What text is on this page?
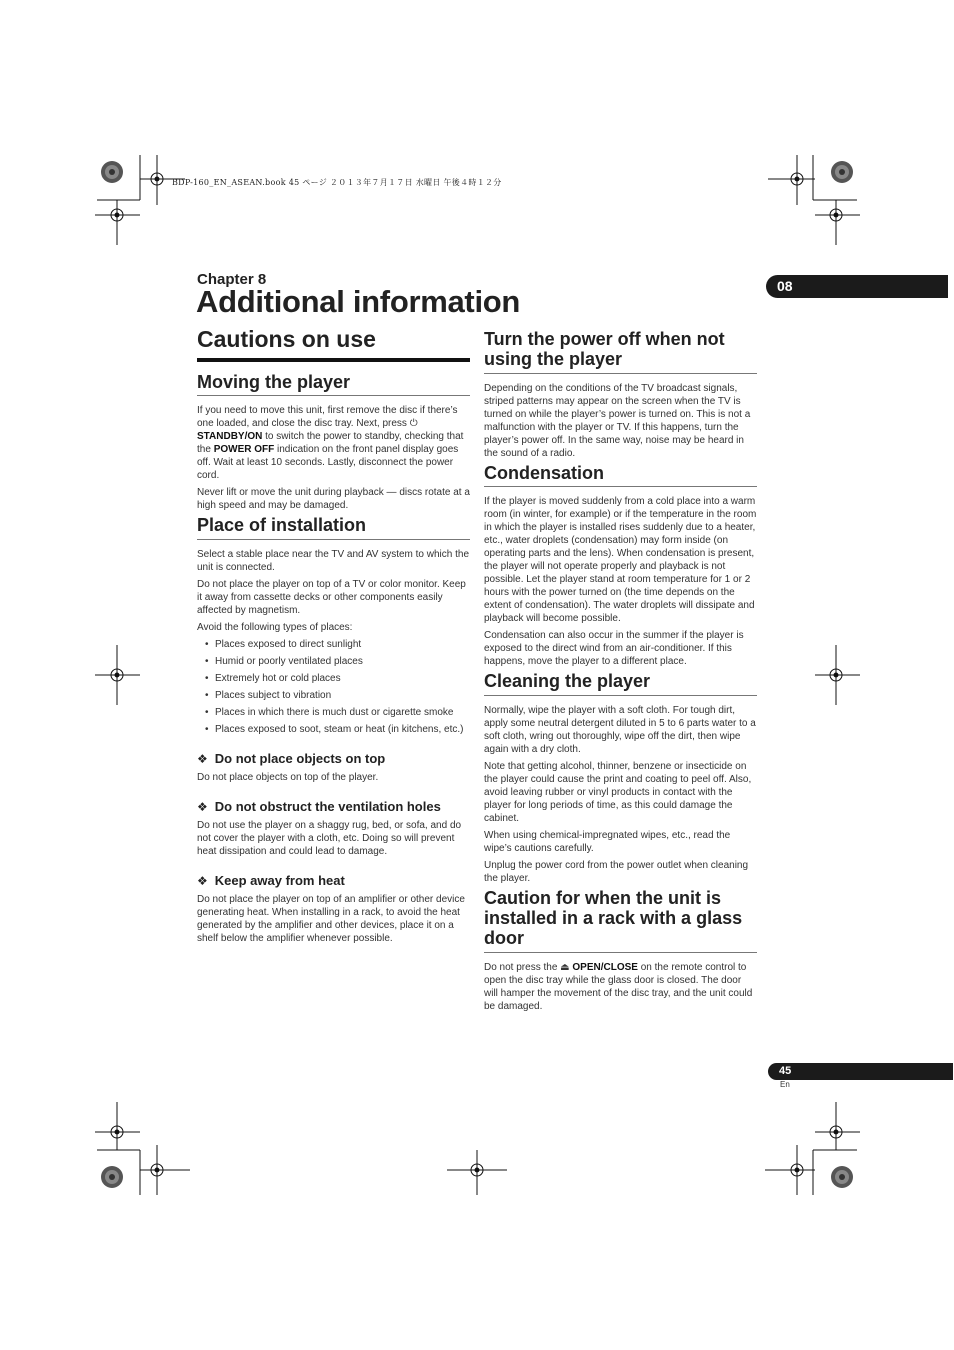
BDP-160_EN_ASEAN.book 45 ページ ２０１３年７月１７日 水曜日 午後４時１２分
Chapter 8
Additional information	08
Cautions on use
Moving the player

If you need to move this unit, first remove the disc if there’s one loaded, and close the disc tray. Next, press ⏻ STANDBY/ON to switch the power to standby, checking that the POWER OFF indication on the front panel display goes off. Wait at least 10 seconds. Lastly, disconnect the power cord.

Never lift or move the unit during playback — discs rotate at a high speed and may be damaged.

Place of installation

Select a stable place near the TV and AV system to which the unit is connected.

Do not place the player on top of a TV or color monitor. Keep it away from cassette decks or other components easily affected by magnetism.

Avoid the following types of places:

• Places exposed to direct sunlight
• Humid or poorly ventilated places
• Extremely hot or cold places
• Places subject to vibration
• Places in which there is much dust or cigarette smoke
• Places exposed to soot, steam or heat (in kitchens, etc.)
❖ Do not place objects on top

Do not place objects on top of the player.

❖ Do not obstruct the ventilation holes

Do not use the player on a shaggy rug, bed, or sofa, and do not cover the player with a cloth, etc. Doing so will prevent heat dissipation and could lead to damage.

❖ Keep away from heat

Do not place the player on top of an amplifier or other device generating heat. When installing in a rack, to avoid the heat generated by the amplifier and other devices, place it on a shelf below the amplifier whenever possible.

Turn the power off when not using the player

Depending on the conditions of the TV broadcast signals, striped patterns may appear on the screen when the TV is turned on while the player’s power is turned on. This is not a malfunction with the player or TV. If this happens, turn the player’s power off. In the same way, noise may be heard in the sound of a radio.

Condensation

If the player is moved suddenly from a cold place into a warm room (in winter, for example) or if the temperature in the room in which the player is installed rises suddenly due to a heater, etc., water droplets (condensation) may form inside (on operating parts and the lens). When condensation is present, the player will not operate properly and playback is not possible. Let the player stand at room temperature for 1 or 2 hours with the power turned on (the time depends on the extent of condensation). The water droplets will dissipate and playback will become possible.

Condensation can also occur in the summer if the player is exposed to the direct wind from an air-conditioner. If this happens, move the player to a different place.

Cleaning the player

Normally, wipe the player with a soft cloth. For tough dirt, apply some neutral detergent diluted in 5 to 6 parts water to a soft cloth, wring out thoroughly, wipe off the dirt, then wipe again with a dry cloth.

Note that getting alcohol, thinner, benzene or insecticide on the player could cause the print and coating to peel off. Also, avoid leaving rubber or vinyl products in contact with the player for long periods of time, as this could damage the cabinet.

When using chemical-impregnated wipes, etc., read the wipe’s cautions carefully.

Unplug the power cord from the power outlet when cleaning the player.

Caution for when the unit is installed in a rack with a glass door

Do not press the ⏏ OPEN/CLOSE on the remote control to open the disc tray while the glass door is closed. The door will hamper the movement of the disc tray, and the unit could be damaged.

45
En
